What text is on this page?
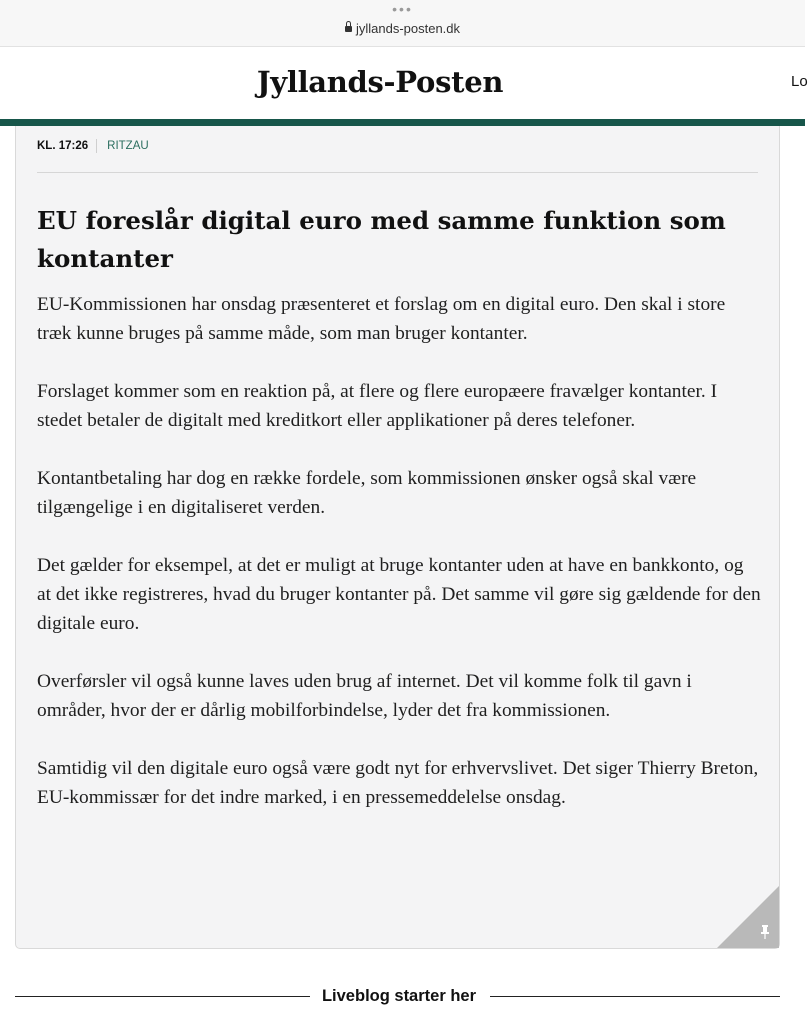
•••
jyllands-posten.dk
Jyllands-Posten	Lo
KL. 17:26 RITZAU
EU foreslår digital euro med samme funktion som kontanter

EU-Kommissionen har onsdag præsenteret et forslag om en digital euro. Den skal i store træk kunne bruges på samme måde, som man bruger kontanter.

Forslaget kommer som en reaktion på, at flere og flere europæere fravælger kontanter. I stedet betaler de digitalt med kreditkort eller applikationer på deres telefoner.

Kontantbetaling har dog en række fordele, som kommissionen ønsker også skal være tilgængelige i en digitaliseret verden.

Det gælder for eksempel, at det er muligt at bruge kontanter uden at have en bankkonto, og at det ikke registreres, hvad du bruger kontanter på. Det samme vil gøre sig gældende for den digitale euro.

Overførsler vil også kunne laves uden brug af internet. Det vil komme folk til gavn i områder, hvor der er dårlig mobilforbindelse, lyder det fra kommissionen.

Samtidig vil den digitale euro også være godt nyt for erhvervslivet. Det siger Thierry Breton, EU-kommissær for det indre marked, i en pressemeddelelse onsdag.

Liveblog starter her
